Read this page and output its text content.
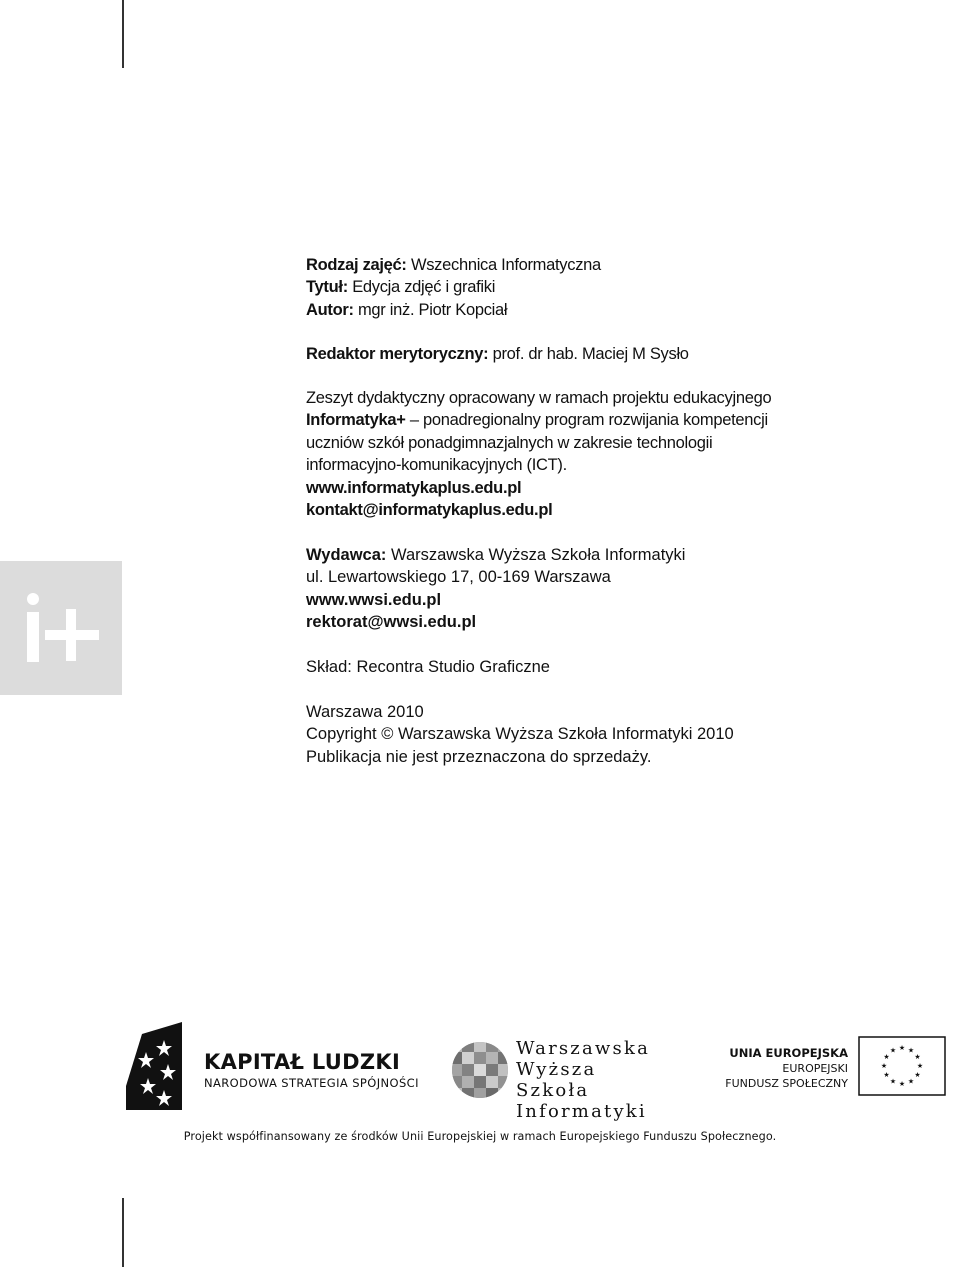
Rodzaj zajęć: Wszechnica Informatyczna
Tytuł: Edycja zdjęć i grafiki
Autor: mgr inż. Piotr Kopciał
Redaktor merytoryczny: prof. dr hab. Maciej M Sysło
Zeszyt dydaktyczny opracowany w ramach projektu edukacyjnego
Informatyka+ – ponadregionalny program rozwijania kompetencji
uczniów szkół ponadgimnazjalnych w zakresie technologii
informacyjno-komunikacyjnych (ICT).
www.informatykaplus.edu.pl
kontakt@informatykaplus.edu.pl
Wydawca: Warszawska Wyższa Szkoła Informatyki
ul. Lewartowskiego 17, 00-169 Warszawa
www.wwsi.edu.pl
rektorat@wwsi.edu.pl
Skład: Recontra Studio Graficzne
Warszawa 2010
Copyright © Warszawska Wyższa Szkoła Informatyki 2010
Publikacja nie jest przeznaczona do sprzedaży.
KAPITAŁ LUDZKI
NARODOWA STRATEGIA SPÓJNOŚCI
Warszawska
Wyższa Szkoła
Informatyki
UNIA EUROPEJSKA
EUROPEJSKI
FUNDUSZ SPOŁECZNY
★ ★
★
★
★
★
★
★
★
★
★
★
Projekt współfinansowany ze środków Unii Europejskiej w ramach Europejskiego Funduszu Społecznego.
